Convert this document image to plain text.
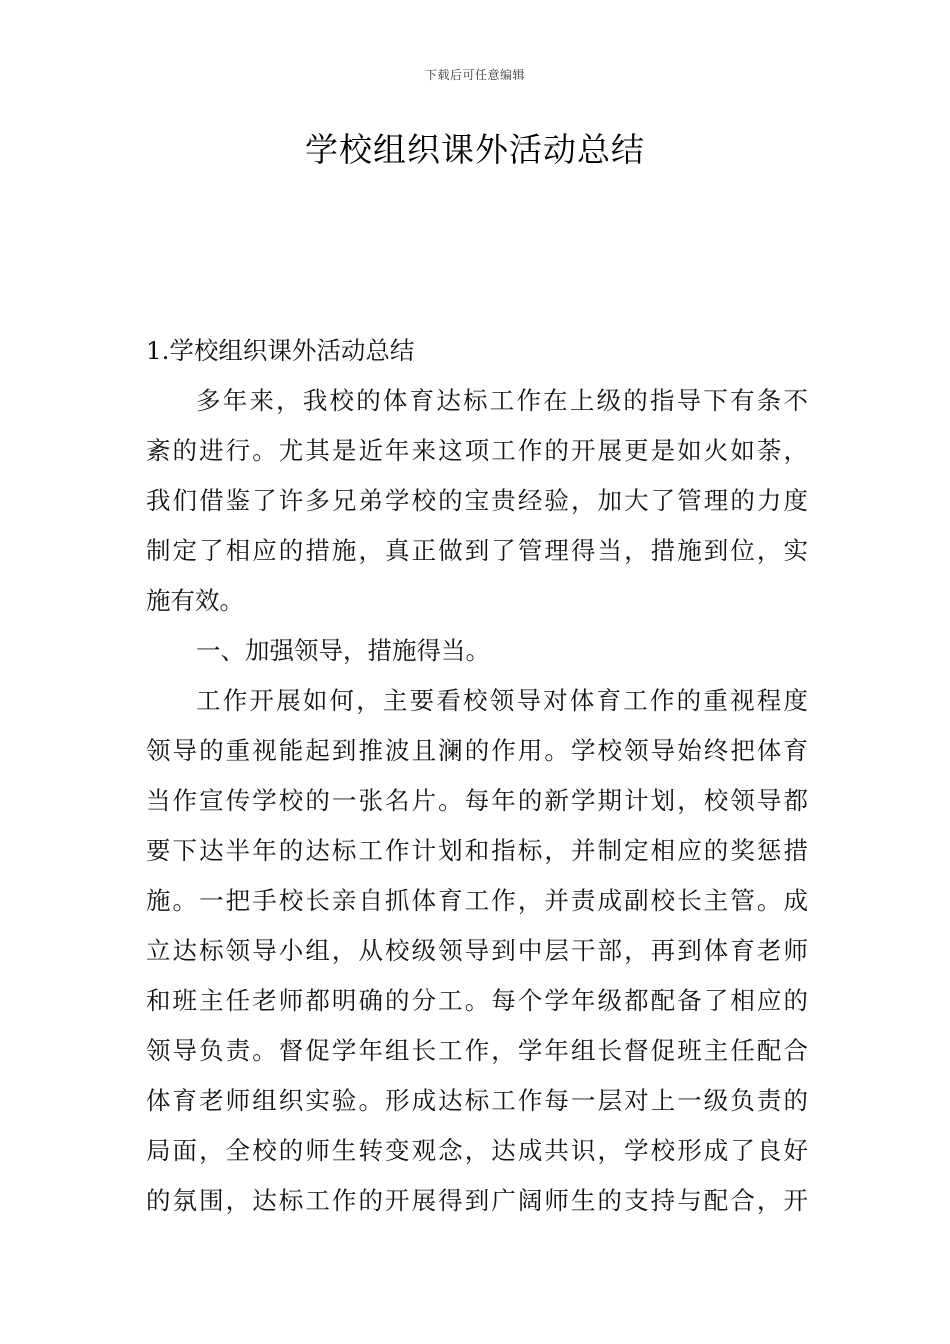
下载后可任意编辑
学校组织课外活动总结
1.学校组织课外活动总结
多年来，我校的体育达标工作在上级的指导下有条不
紊的进行。尤其是近年来这项工作的开展更是如火如荼，
我们借鉴了许多兄弟学校的宝贵经验，加大了管理的力度
制定了相应的措施，真正做到了管理得当，措施到位，实
施有效。
一、加强领导，措施得当。
工作开展如何，主要看校领导对体育工作的重视程度
领导的重视能起到推波且澜的作用。学校领导始终把体育
当作宣传学校的一张名片。每年的新学期计划，校领导都
要下达半年的达标工作计划和指标，并制定相应的奖惩措
施。一把手校长亲自抓体育工作，并责成副校长主管。成
立达标领导小组，从校级领导到中层干部，再到体育老师
和班主任老师都明确的分工。每个学年级都配备了相应的
领导负责。督促学年组长工作，学年组长督促班主任配合
体育老师组织实验。形成达标工作每一层对上一级负责的
局面，全校的师生转变观念，达成共识，学校形成了良好
的氛围，达标工作的开展得到广阔师生的支持与配合，开
